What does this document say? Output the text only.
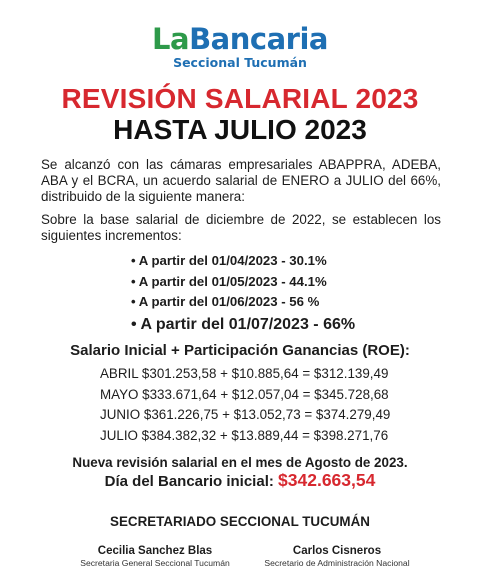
LaBancaria
Seccional Tucumán
REVISIÓN SALARIAL 2023
HASTA JULIO 2023
Se alcanzó con las cámaras empresariales ABAPPRA, ADEBA, ABA y el BCRA, un acuerdo salarial de ENERO a JULIO del 66%, distribuido de la siguiente manera:
Sobre la base salarial de diciembre de 2022, se establecen los siguientes incrementos:
• A partir del 01/04/2023 - 30.1%
• A partir del 01/05/2023 - 44.1%
• A partir del 01/06/2023 - 56 %
• A partir del 01/07/2023 - 66%
Salario Inicial + Participación Ganancias (ROE):
ABRIL $301.253,58 + $10.885,64 = $312.139,49
MAYO $333.671,64 + $12.057,04 = $345.728,68
JUNIO $361.226,75 + $13.052,73 = $374.279,49
JULIO $384.382,32 + $13.889,44 = $398.271,76
Nueva revisión salarial en el mes de Agosto de 2023.
Día del Bancario inicial: $342.663,54
SECRETARIADO SECCIONAL TUCUMÁN
Cecilia Sanchez Blas
Secretaria General Seccional Tucumán
Carlos Cisneros
Secretario de Administración Nacional
